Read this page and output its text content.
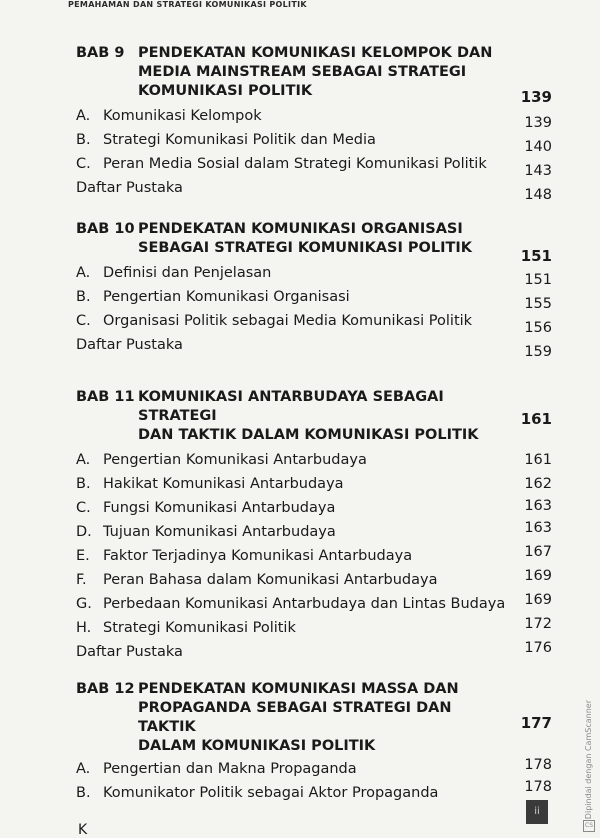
PEMAHAMAN DAN STRATEGI KOMUNIKASI POLITIK
BAB 9 PENDEKATAN KOMUNIKASI KELOMPOK DAN
MEDIA MAINSTREAM SEBAGAI STRATEGI
KOMUNIKASI POLITIK	139
A. Komunikasi Kelompok	139
B. Strategi Komunikasi Politik dan Media	140
C. Peran Media Sosial dalam Strategi Komunikasi Politik	143
Daftar Pustaka	148
BAB 10 PENDEKATAN KOMUNIKASI ORGANISASI
SEBAGAI STRATEGI KOMUNIKASI POLITIK	151
A. Definisi dan Penjelasan	151
B. Pengertian Komunikasi Organisasi	155
C. Organisasi Politik sebagai Media Komunikasi Politik	156
Daftar Pustaka	159
BAB 11 KOMUNIKASI ANTARBUDAYA SEBAGAI STRATEGI
DAN TAKTIK DALAM KOMUNIKASI POLITIK
161
A. Pengertian Komunikasi Antarbudaya	161
B. Hakikat Komunikasi Antarbudaya	162
C. Fungsi Komunikasi Antarbudaya	163
D. Tujuan Komunikasi Antarbudaya	163
E. Faktor Terjadinya Komunikasi Antarbudaya	167
F. Peran Bahasa dalam Komunikasi Antarbudaya	169
G. Perbedaan Komunikasi Antarbudaya dan Lintas Budaya 169
H. Strategi Komunikasi Politik	172
Daftar Pustaka	176
BAB 12 PENDEKATAN KOMUNIKASI MASSA DAN
PROPAGANDA SEBAGAI STRATEGI DAN TAKTIK
DALAM KOMUNIKASI POLITIK
177
A. Pengertian dan Makna Propaganda	178
B. Komunikator Politik sebagai Aktor Propaganda	178	Dipindai dengan CamScanner
CS
ii
K
